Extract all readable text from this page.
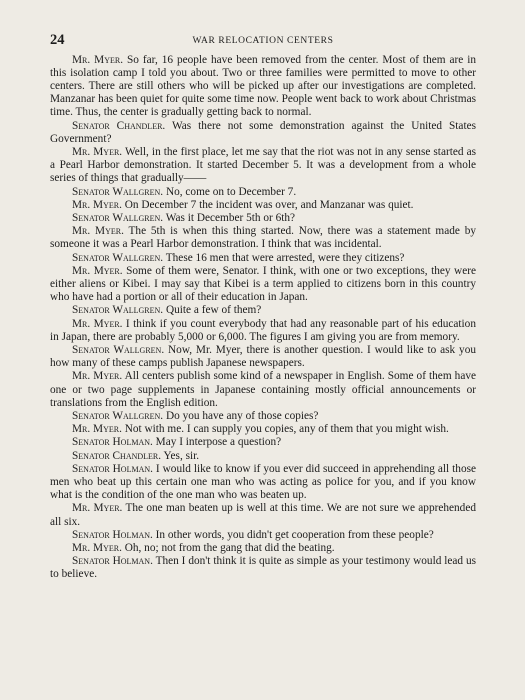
24	WAR RELOCATION CENTERS

Mr. Myer. So far, 16 people have been removed from the center. Most of them are in this isolation camp I told you about. Two or three families were permitted to move to other centers. There are still others who will be picked up after our investigations are completed. Manzanar has been quiet for quite some time now. People went back to work about Christmas time. Thus, the center is gradually getting back to normal.

Senator Chandler. Was there not some demonstration against the United States Government?

Mr. Myer. Well, in the first place, let me say that the riot was not in any sense started as a Pearl Harbor demonstration. It started December 5. It was a development from a whole series of things that gradually——

Senator Wallgren. No, come on to December 7.

Mr. Myer. On December 7 the incident was over, and Manzanar was quiet.

Senator Wallgren. Was it December 5th or 6th?

Mr. Myer. The 5th is when this thing started. Now, there was a statement made by someone it was a Pearl Harbor demonstration. I think that was incidental.

Senator Wallgren. These 16 men that were arrested, were they citizens?

Mr. Myer. Some of them were, Senator. I think, with one or two exceptions, they were either aliens or Kibei. I may say that Kibei is a term applied to citizens born in this country who have had a portion or all of their education in Japan.

Senator Wallgren. Quite a few of them?

Mr. Myer. I think if you count everybody that had any reasonable part of his education in Japan, there are probably 5,000 or 6,000. The figures I am giving you are from memory.

Senator Wallgren. Now, Mr. Myer, there is another question. I would like to ask you how many of these camps publish Japanese newspapers.

Mr. Myer. All centers publish some kind of a newspaper in English. Some of them have one or two page supplements in Japanese containing mostly official announcements or translations from the English edition.

Senator Wallgren. Do you have any of those copies?

Mr. Myer. Not with me. I can supply you copies, any of them that you might wish.

Senator Holman. May I interpose a question?

Senator Chandler. Yes, sir.

Senator Holman. I would like to know if you ever did succeed in apprehending all those men who beat up this certain one man who was acting as police for you, and if you know what is the condition of the one man who was beaten up.

Mr. Myer. The one man beaten up is well at this time. We are not sure we apprehended all six.

Senator Holman. In other words, you didn't get cooperation from these people?

Mr. Myer. Oh, no; not from the gang that did the beating.

Senator Holman. Then I don't think it is quite as simple as your testimony would lead us to believe.
